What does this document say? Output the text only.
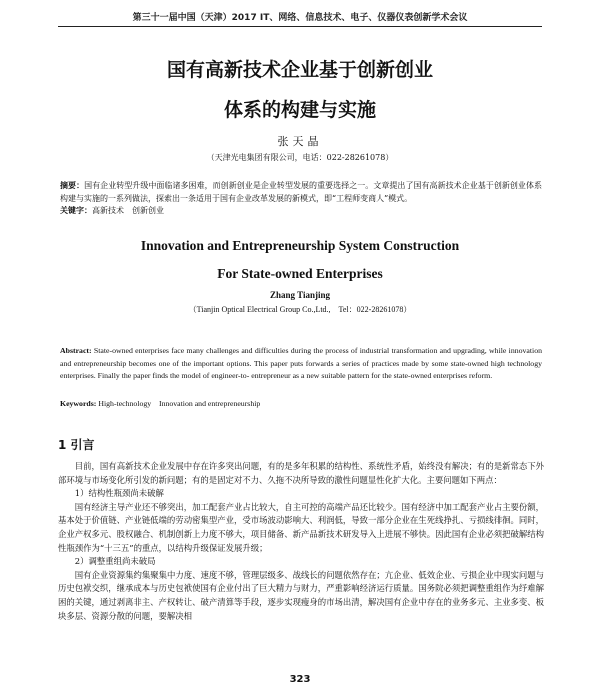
第三十一届中国（天津）2017 IT、网络、信息技术、电子、仪器仪表创新学术会议
国有高新技术企业基于创新创业
体系的构建与实施
张天晶
（天津光电集团有限公司，电话：022-28261078）
摘要：国有企业转型升级中面临诸多困难，而创新创业是企业转型发展的重要选择之一。文章提出了国有高新技术企业基于创新创业体系构建与实施的一系列做法，探索出一条适用于国有企业改革发展的新模式，即“工程师变商人”模式。
关键字：高新技术　创新创业
Innovation and Entrepreneurship System Construction
For State-owned Enterprises
Zhang Tianjing
（Tianjin Optical Electrical Group Co.,Ltd.,　Tel：022-28261078）
Abstract: State-owned enterprises face many challenges and difficulties during the process of industrial transformation and upgrading, while innovation and entrepreneurship becomes one of the important options. This paper puts forwards a series of practices made by some state-owned high technology enterprises. Finally the paper finds the model of engineer-to- entrepreneur as a new suitable pattern for the state-owned enterprises reform.
Keywords: High-technology　Innovation and entrepreneurship
1 引言

目前，国有高新技术企业发展中存在许多突出问题，有的是多年积累的结构性、系统性矛盾，始终没有解决；有的是新常态下外部环境与市场变化所引发的新问题；有的是固定对不力、久拖不决所导致的激性问题显性化扩大化。主要问题如下两点：

1）结构性瓶颈尚未破解

国有经济主导产业还不够突出，加工配套产业占比较大，自主可控的高端产品还比较少。国有经济中加工配套产业占主要份额，基本处于价值链、产业链低端的劳动密集型产业，受市场波动影响大、利润低，导致一部分企业在生死线挣扎、亏损线徘徊。同时，企业产权多元、股权融合、机制创新上力度不够大，项目储备、新产品新技术研发导入上进展不够快。因此国有企业必须把破解结构性瓶颈作为“十三五”的重点，以结构升级保证发展升级；

2）调整重组尚未破局

国有企业资源集约集聚集中力度、速度不够，管理层级多、战线长的问题依然存在；亢企业、低效企业、亏损企业中现实问题与历史包袱交织，继承成本与历史包袱使国有企业付出了巨大精力与财力，严重影响经济运行质量。国务院必须把调整重组作为纾难解困的关键，通过剥离非主、产权转让、破产清算等手段，逐步实现瘦身的市场出清，解决国有企业中存在的业务多元、主业多变、板块多层、资源分散的问题，要解决相

323
